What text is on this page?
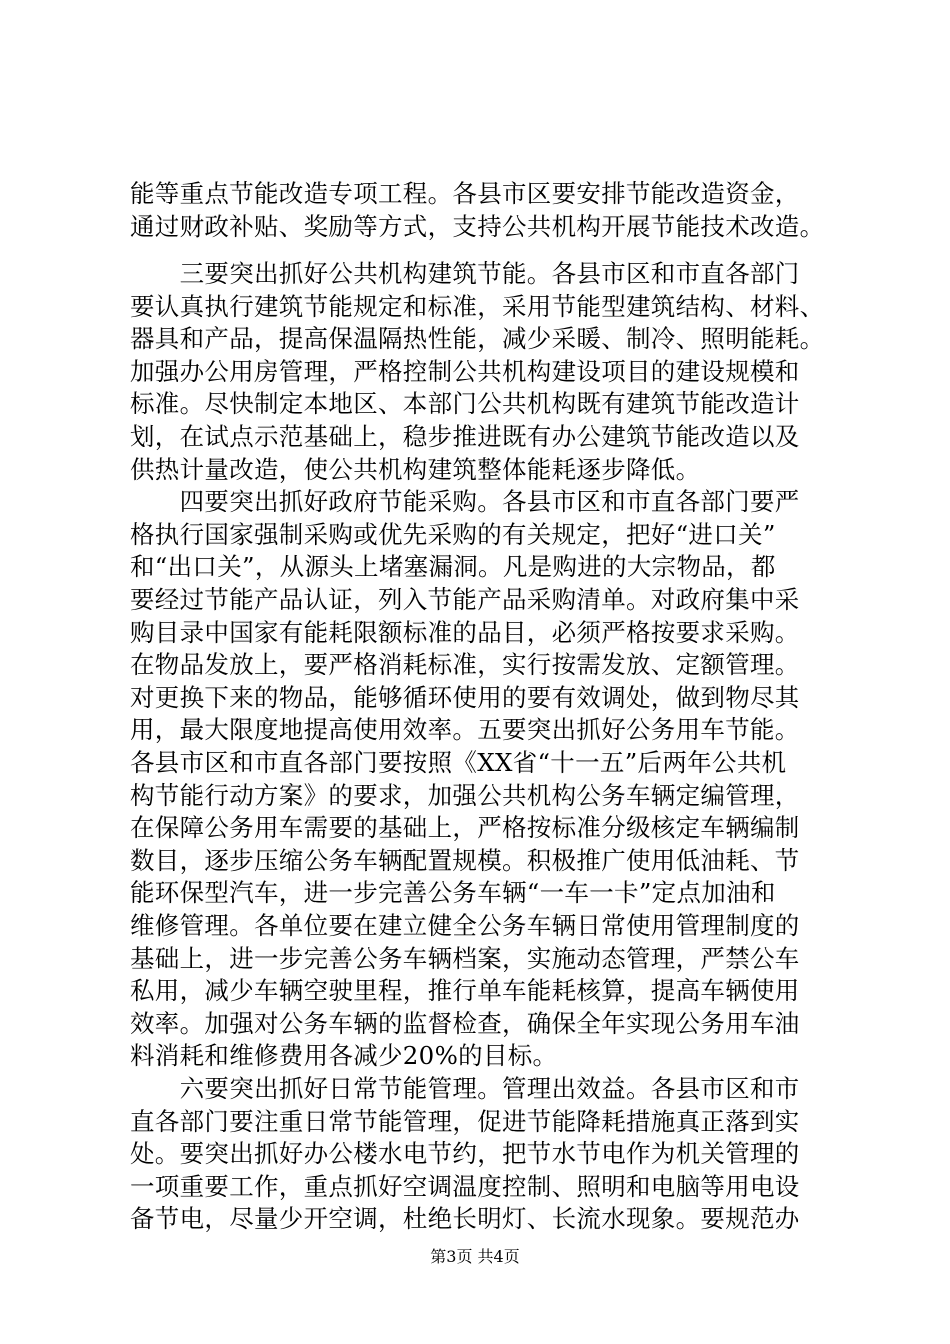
能等重点节能改造专项工程。各县市区要安排节能改造资金，
通过财政补贴、奖励等方式，支持公共机构开展节能技术改造。
　　三要突出抓好公共机构建筑节能。各县市区和市直各部门
要认真执行建筑节能规定和标准，采用节能型建筑结构、材料、
器具和产品，提高保温隔热性能，减少采暖、制冷、照明能耗。
加强办公用房管理，严格控制公共机构建设项目的建设规模和
标准。尽快制定本地区、本部门公共机构既有建筑节能改造计
划，在试点示范基础上，稳步推进既有办公建筑节能改造以及
供热计量改造，使公共机构建筑整体能耗逐步降低。
　　四要突出抓好政府节能采购。各县市区和市直各部门要严
格执行国家强制采购或优先采购的有关规定，把好“进口关”
和“出口关”，从源头上堵塞漏洞。凡是购进的大宗物品，都
要经过节能产品认证，列入节能产品采购清单。对政府集中采
购目录中国家有能耗限额标准的品目，必须严格按要求采购。
在物品发放上，要严格消耗标准，实行按需发放、定额管理。
对更换下来的物品，能够循环使用的要有效调处，做到物尽其
用，最大限度地提高使用效率。五要突出抓好公务用车节能。
各县市区和市直各部门要按照《XX省“十一五”后两年公共机
构节能行动方案》的要求，加强公共机构公务车辆定编管理，
在保障公务用车需要的基础上，严格按标准分级核定车辆编制
数目，逐步压缩公务车辆配置规模。积极推广使用低油耗、节
能环保型汽车，进一步完善公务车辆“一车一卡”定点加油和
维修管理。各单位要在建立健全公务车辆日常使用管理制度的
基础上，进一步完善公务车辆档案，实施动态管理，严禁公车
私用，减少车辆空驶里程，推行单车能耗核算，提高车辆使用
效率。加强对公务车辆的监督检查，确保全年实现公务用车油
料消耗和维修费用各减少20%的目标。
　　六要突出抓好日常节能管理。管理出效益。各县市区和市
直各部门要注重日常节能管理，促进节能降耗措施真正落到实
处。要突出抓好办公楼水电节约，把节水节电作为机关管理的
一项重要工作，重点抓好空调温度控制、照明和电脑等用电设
备节电，尽量少开空调，杜绝长明灯、长流水现象。要规范办
第3页 共4页
